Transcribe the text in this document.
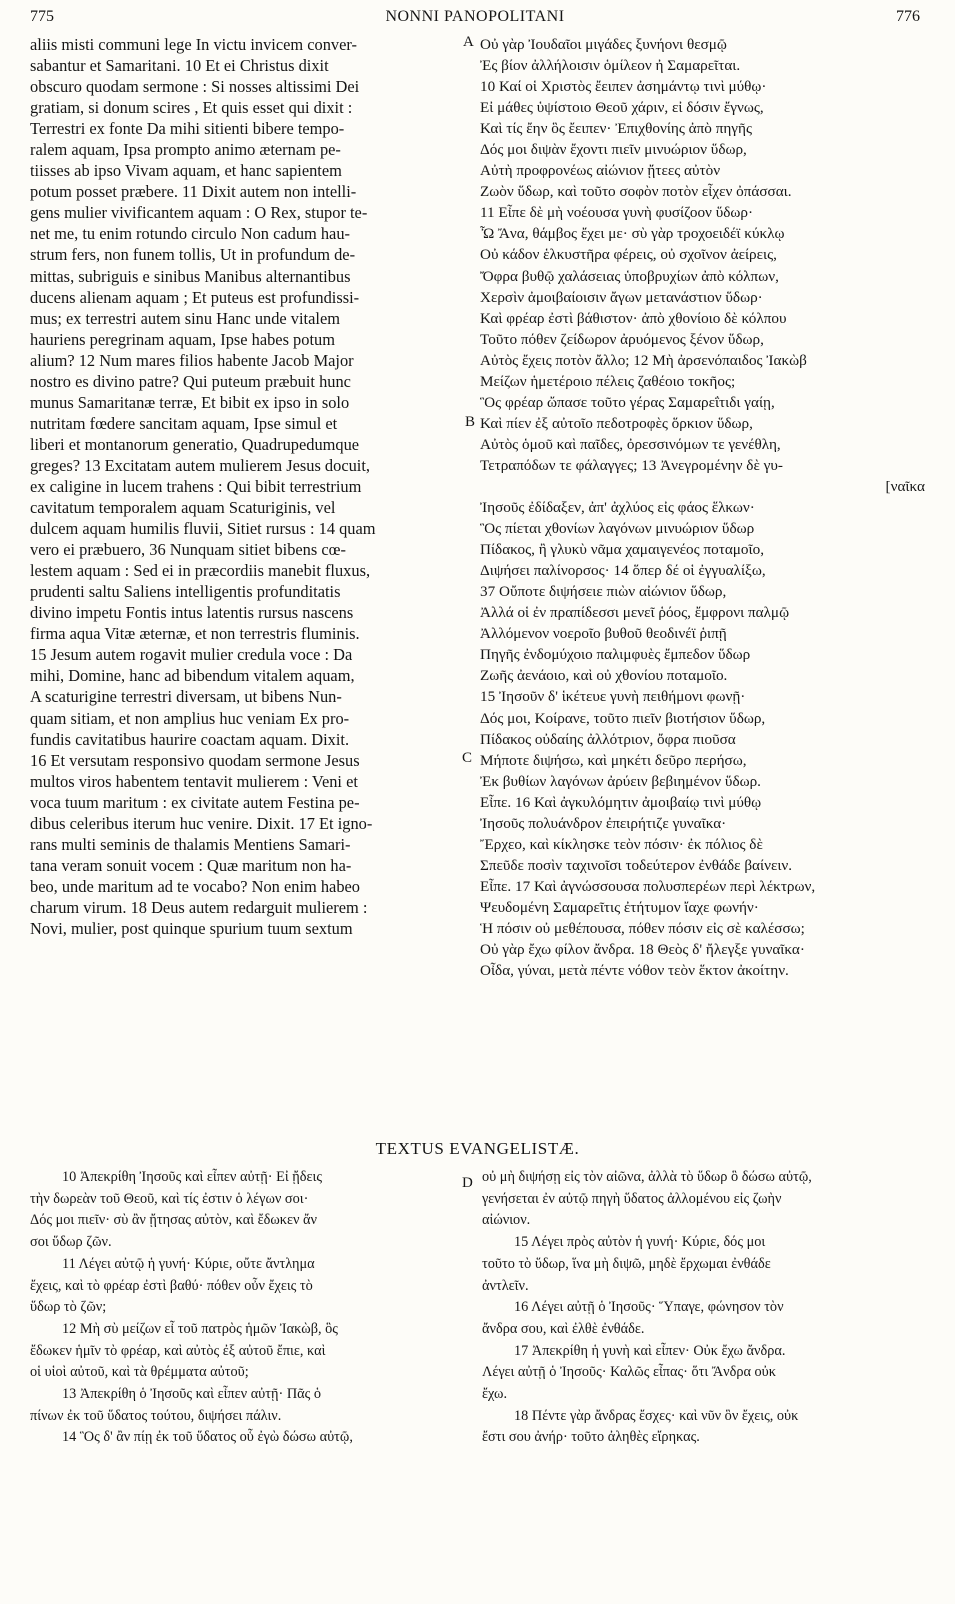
NONNI PANOPOLITANI
775	776
aliis misti communi lege In victu invicem conver-
sabantur et Samaritani. 10 Et ei Christus dixit
obscuro quodam sermone : Si nosses altissimi Dei
gratiam, si donum scires , Et quis esset qui dixit :
Terrestri ex fonte Da mihi sitienti bibere tempo-
ralem aquam, Ipsa prompto animo æternam pe-
tiisses ab ipso Vivam aquam, et hanc sapientem
potum posset præbere. 11 Dixit autem non intelli-
gens mulier vivificantem aquam : O Rex, stupor te-
net me, tu enim rotundo circulo Non cadum hau-
strum fers, non funem tollis, Ut in profundum de-
mittas, subriguis e sinibus Manibus alternantibus
ducens alienam aquam ; Et puteus est profundissi-
mus; ex terrestri autem sinu Hanc unde vitalem
hauriens peregrinam aquam, Ipse habes potum
alium? 12 Num mares filios habente Jacob Major
nostro es divino patre? Qui puteum præbuit hunc
munus Samaritanæ terræ, Et bibit ex ipso in solo
nutritam fœdere sancitam aquam, Ipse simul et
liberi et montanorum generatio, Quadrupedumque
greges? 13 Excitatam autem mulierem Jesus docuit,
ex caligine in lucem trahens : Qui bibit terrestrium
cavitatum temporalem aquam Scaturiginis, vel
dulcem aquam humilis fluvii, Sitiet rursus : 14 quam
vero ei præbuero, 36 Nunquam sitiet bibens cœ-
lestem aquam : Sed ei in præcordiis manebit fluxus,
prudenti saltu Saliens intelligentis profunditatis
divino impetu Fontis intus latentis rursus nascens
firma aqua Vitæ æternæ, et non terrestris fluminis.
15 Jesum autem rogavit mulier credula voce : Da
mihi, Domine, hanc ad bibendum vitalem aquam,
A scaturigine terrestri diversam, ut bibens Nun-
quam sitiam, et non amplius huc veniam Ex pro-
fundis cavitatibus haurire coactam aquam. Dixit.
16 Et versutam responsivo quodam sermone Jesus
multos viros habentem tentavit mulierem : Veni et
voca tuum maritum : ex civitate autem Festina pe-
dibus celeribus iterum huc venire. Dixit. 17 Et igno-
rans multi seminis de thalamis Mentiens Samari-
tana veram sonuit vocem : Quæ maritum non ha-
beo, unde maritum ad te vocabo? Non enim habeo
charum virum. 18 Deus autem redarguit mulierem :
Novi, mulier, post quinque spurium tuum sextum
Οὐ γὰρ Ἰουδαῖοι μιγάδες ξυνήονι θεσμῷ
Ἐς βίον ἀλλήλοισιν ὁμίλεον ἠ Σαμαρεῖται.
10 Καί οἱ Χριστὸς ἔειπεν ἀσημάντῳ τινὶ μύθῳ·
Εἰ μάθες ὑψίστοιο Θεοῦ χάριν, εἰ δόσιν ἔγνως,
Καὶ τίς ἔην ὃς ἔειπεν· Ἐπιχθονίης ἀπὸ πηγῆς
Δός μοι διψὰν ἔχοντι πιεῖν μινυώριον ὕδωρ,
Αὐτὴ προφρονέως αἰώνιον ᾔτεες αὐτὸν
Ζωὸν ὕδωρ, καὶ τοῦτο σοφὸν ποτὸν εἶχεν ὀπάσσαι.
11 Εἶπε δὲ μὴ νοέουσα γυνὴ φυσίζοον ὕδωρ·
Ὦ Ἄνα, θάμβος ἔχει με· σὺ γὰρ τροχοειδέϊ κύκλῳ
Οὐ κάδον ἑλκυστῆρα φέρεις, οὐ σχοῖνον ἀείρεις,
Ὄφρα βυθῷ χαλάσειας ὑποβρυχίων ἀπὸ κόλπων,
Χερσὶν ἀμοιβαίοισιν ἄγων μετανάστιον ὕδωρ·
Καὶ φρέαρ ἐστὶ βάθιστον· ἀπὸ χθονίοιο δὲ κόλπου
Τοῦτο πόθεν ζείδωρον ἀρυόμενος ξένον ὕδωρ,
Αὐτὸς ἔχεις ποτὸν ἄλλο; 12 Μὴ ἀρσενόπαιδος Ἰακὼβ
Μείζων ἡμετέροιο πέλεις ζαθέοιο τοκῆος;
Ὃς φρέαρ ὤπασε τοῦτο γέρας Σαμαρεΐτιδι γαίῃ,
Καὶ πίεν ἐξ αὐτοῖο πεδοτροφὲς ὅρκιον ὕδωρ,
Αὐτὸς ὁμοῦ καὶ παῖδες, ὀρεσσινόμων τε γενέθλη,
Τετραπόδων τε φάλαγγες; 13 Ἀνεγρομένην δὲ γυ-
[ναῖκα
Ἰησοῦς ἐδίδαξεν, ἀπ' ἀχλύος εἰς φάος ἕλκων·
Ὃς πίεται χθονίων λαγόνων μινυώριον ὕδωρ
Πίδακος, ἢ γλυκὺ νᾶμα χαμαιγενέος ποταμοῖο,
Διψήσει παλίνορσος· 14 ὅπερ δέ οἱ ἐγγυαλίξω,
37 Οὔποτε διψήσειε πιὼν αἰώνιον ὕδωρ,
Ἀλλά οἱ ἐν πραπίδεσσι μενεῖ ῥόος, ἔμφρονι παλμῷ
Ἀλλόμενον νοεροῖο βυθοῦ θεοδινέϊ ῥιπῇ
Πηγῆς ἐνδομύχοιο παλιμφυὲς ἔμπεδον ὕδωρ
Ζωῆς ἀενάοιο, καὶ οὐ χθονίου ποταμοῖο.
15 Ἰησοῦν δ' ἱκέτευε γυνὴ πειθήμονι φωνῇ·
Δός μοι, Κοίρανε, τοῦτο πιεῖν βιοτήσιον ὕδωρ,
Πίδακος οὐδαίης ἀλλότριον, ὄφρα πιοῦσα
Μήποτε διψήσω, καὶ μηκέτι δεῦρο περήσω,
Ἐκ βυθίων λαγόνων ἀρύειν βεβιημένον ὕδωρ.
Εἶπε. 16 Καὶ ἀγκυλόμητιν ἀμοιβαίῳ τινὶ μύθῳ
Ἰησοῦς πολυάνδρον ἐπειρήτιζε γυναῖκα·
Ἔρχεο, καὶ κίκλησκε τεὸν πόσιν· ἐκ πόλιος δὲ
Σπεῦδε ποσὶν ταχινοῖσι τοδεύτερον ἐνθάδε βαίνειν.
Εἶπε. 17 Καὶ ἀγνώσσουσα πολυσπερέων περὶ λέκτρων,
Ψευδομένη Σαμαρεῖτις ἐτήτυμον ἴαχε φωνήν·
Ἡ πόσιν οὐ μεθέπουσα, πόθεν πόσιν εἰς σὲ καλέσσω;
Οὐ γὰρ ἔχω φίλον ἄνδρα. 18 Θεὸς δ' ἤλεγξε γυναῖκα·
Οἶδα, γύναι, μετὰ πέντε νόθον τεὸν ἕκτον ἀκοίτην.
A
B
C
D
TEXTUS EVANGELISTÆ.
10 Ἀπεκρίθη Ἰησοῦς καὶ εἶπεν αὐτῇ· Εἰ ᾔδεις
τὴν δωρεὰν τοῦ Θεοῦ, καὶ τίς ἐστιν ὁ λέγων σοι·
Δός μοι πιεῖν· σὺ ἂν ᾔτησας αὐτὸν, καὶ ἔδωκεν ἄν
σοι ὕδωρ ζῶν.
11 Λέγει αὐτῷ ἡ γυνή· Κύριε, οὔτε ἄντλημα
ἔχεις, καὶ τὸ φρέαρ ἐστὶ βαθύ· πόθεν οὖν ἔχεις τὸ
ὕδωρ τὸ ζῶν;
12 Μὴ σὺ μείζων εἶ τοῦ πατρὸς ἡμῶν Ἰακὼβ, ὃς
ἔδωκεν ἡμῖν τὸ φρέαρ, καὶ αὐτὸς ἐξ αὐτοῦ ἔπιε, καὶ
οἱ υἱοὶ αὐτοῦ, καὶ τὰ θρέμματα αὐτοῦ;
13 Ἀπεκρίθη ὁ Ἰησοῦς καὶ εἶπεν αὐτῇ· Πᾶς ὁ
πίνων ἐκ τοῦ ὕδατος τούτου, διψήσει πάλιν.
14 Ὃς δ' ἂν πίῃ ἐκ τοῦ ὕδατος οὗ ἐγὼ δώσω αὐτῷ,
οὐ μὴ διψήσῃ εἰς τὸν αἰῶνα, ἀλλὰ τὸ ὕδωρ ὃ δώσω αὐτῷ,
γενήσεται ἐν αὐτῷ πηγὴ ὕδατος ἀλλομένου εἰς ζωὴν
αἰώνιον.
15 Λέγει πρὸς αὐτὸν ἡ γυνή· Κύριε, δός μοι
τοῦτο τὸ ὕδωρ, ἵνα μὴ διψῶ, μηδὲ ἔρχωμαι ἐνθάδε
ἀντλεῖν.
16 Λέγει αὐτῇ ὁ Ἰησοῦς· Ὕπαγε, φώνησον τὸν
ἄνδρα σου, καὶ ἐλθὲ ἐνθάδε.
17 Ἀπεκρίθη ἡ γυνὴ καὶ εἶπεν· Οὐκ ἔχω ἄνδρα.
Λέγει αὐτῇ ὁ Ἰησοῦς· Καλῶς εἶπας· ὅτι Ἄνδρα οὐκ
ἔχω.
18 Πέντε γὰρ ἄνδρας ἔσχες· καὶ νῦν ὃν ἔχεις, οὐκ
ἔστι σου ἀνήρ· τοῦτο ἀληθὲς εἴρηκας.
